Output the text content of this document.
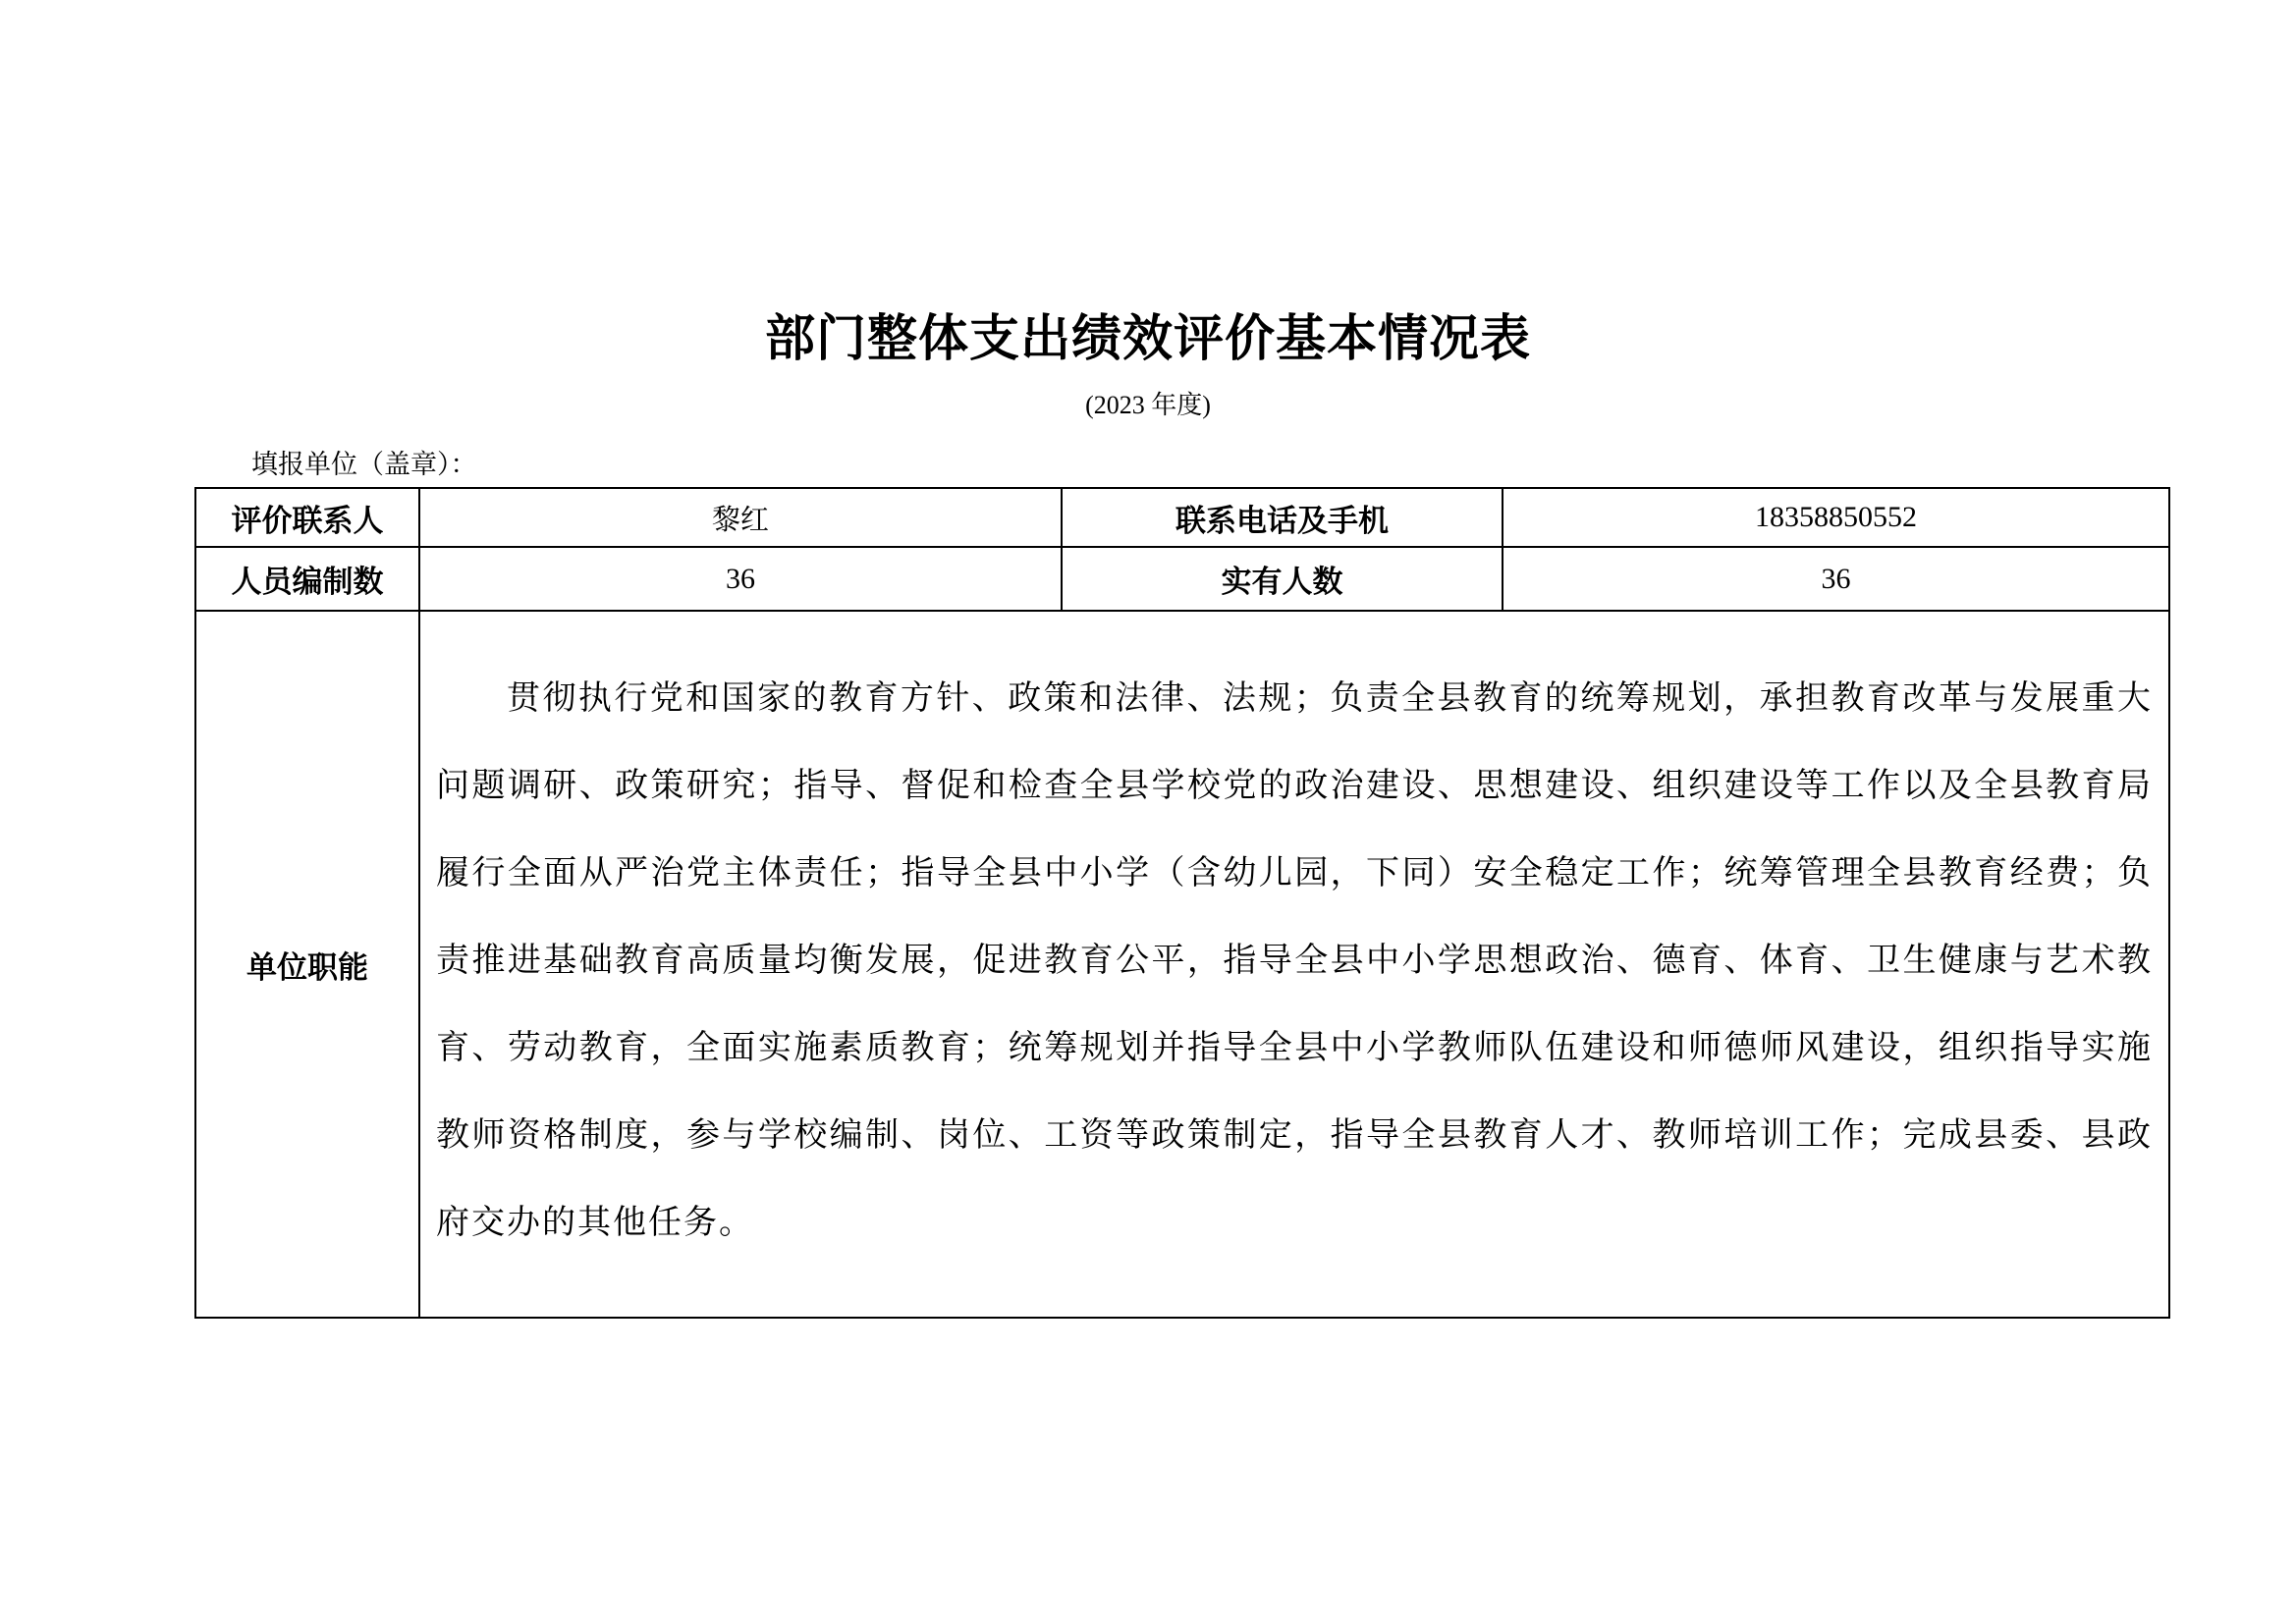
部门整体支出绩效评价基本情况表
(2023 年度)
填报单位（盖章）：
评价联系人	黎红	联系电话及手机	18358850552
人员编制数	36	实有人数	36
单位职能	贯彻执行党和国家的教育方针、政策和法律、法规；负责全县教育的统筹规划，承担教育改革与发展重大问题调研、政策研究；指导、督促和检查全县学校党的政治建设、思想建设、组织建设等工作以及全县教育局履行全面从严治党主体责任；指导全县中小学（含幼儿园，下同）安全稳定工作；统筹管理全县教育经费；负责推进基础教育高质量均衡发展，促进教育公平，指导全县中小学思想政治、德育、体育、卫生健康与艺术教育、劳动教育，全面实施素质教育；统筹规划并指导全县中小学教师队伍建设和师德师风建设，组织指导实施教师资格制度，参与学校编制、岗位、工资等政策制定，指导全县教育人才、教师培训工作；完成县委、县政府交办的其他任务。		
